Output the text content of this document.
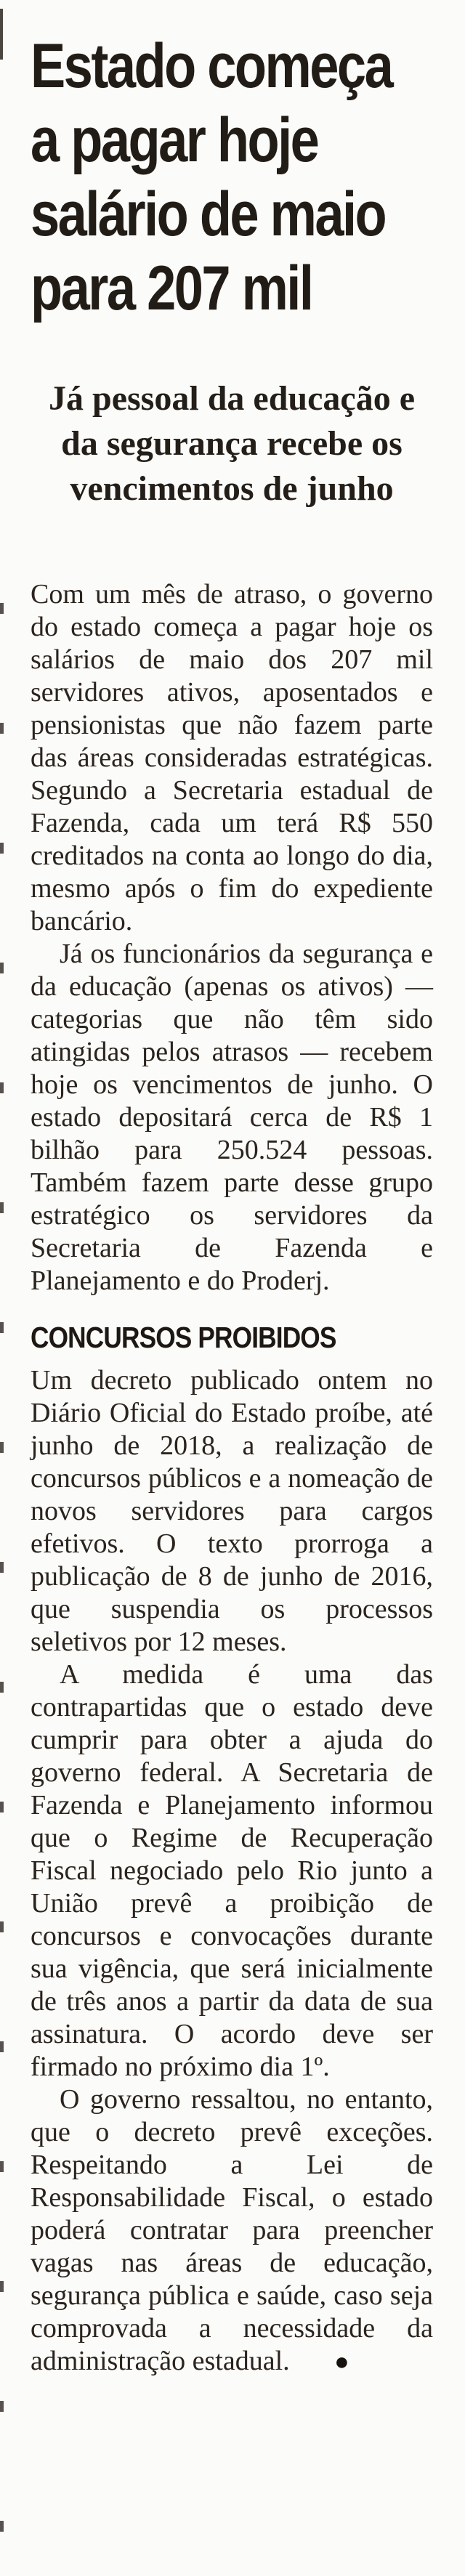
Estado começa
a pagar hoje
salário de maio
para 207 mil
Já pessoal da educação e
da segurança recebe os
vencimentos de junho

Com um mês de atraso, o governo do estado começa a pagar hoje os salários de maio dos 207 mil servidores ativos, aposentados e pensionistas que não fazem parte das áreas consideradas estratégicas. Segundo a Secretaria estadual de Fazenda, cada um terá R$ 550 creditados na conta ao longo do dia, mesmo após o fim do expediente bancário.

Já os funcionários da segurança e da educação (apenas os ativos) — categorias que não têm sido atingidas pelos atrasos — recebem hoje os vencimentos de junho. O estado depositará cerca de R$ 1 bilhão para 250.524 pessoas. Também fazem parte desse grupo estratégico os servidores da Secretaria de Fazenda e Planejamento e do Proderj.

CONCURSOS PROIBIDOS

Um decreto publicado ontem no Diário Oficial do Estado proíbe, até junho de 2018, a realização de concursos públicos e a nomeação de novos servidores para cargos efetivos. O texto prorroga a publicação de 8 de junho de 2016, que suspendia os processos seletivos por 12 meses.

A medida é uma das contrapartidas que o estado deve cumprir para obter a ajuda do governo federal. A Secretaria de Fazenda e Planejamento informou que o Regime de Recuperação Fiscal negociado pelo Rio junto a União prevê a proibição de concursos e convocações durante sua vigência, que será inicialmente de três anos a partir da data de sua assinatura. O acordo deve ser firmado no próximo dia 1º.

O governo ressaltou, no entanto, que o decreto prevê exceções. Respeitando a Lei de Responsabilidade Fiscal, o estado poderá contratar para preencher vagas nas áreas de educação, segurança pública e saúde, caso seja comprovada a necessidade da administração estadual. ●
